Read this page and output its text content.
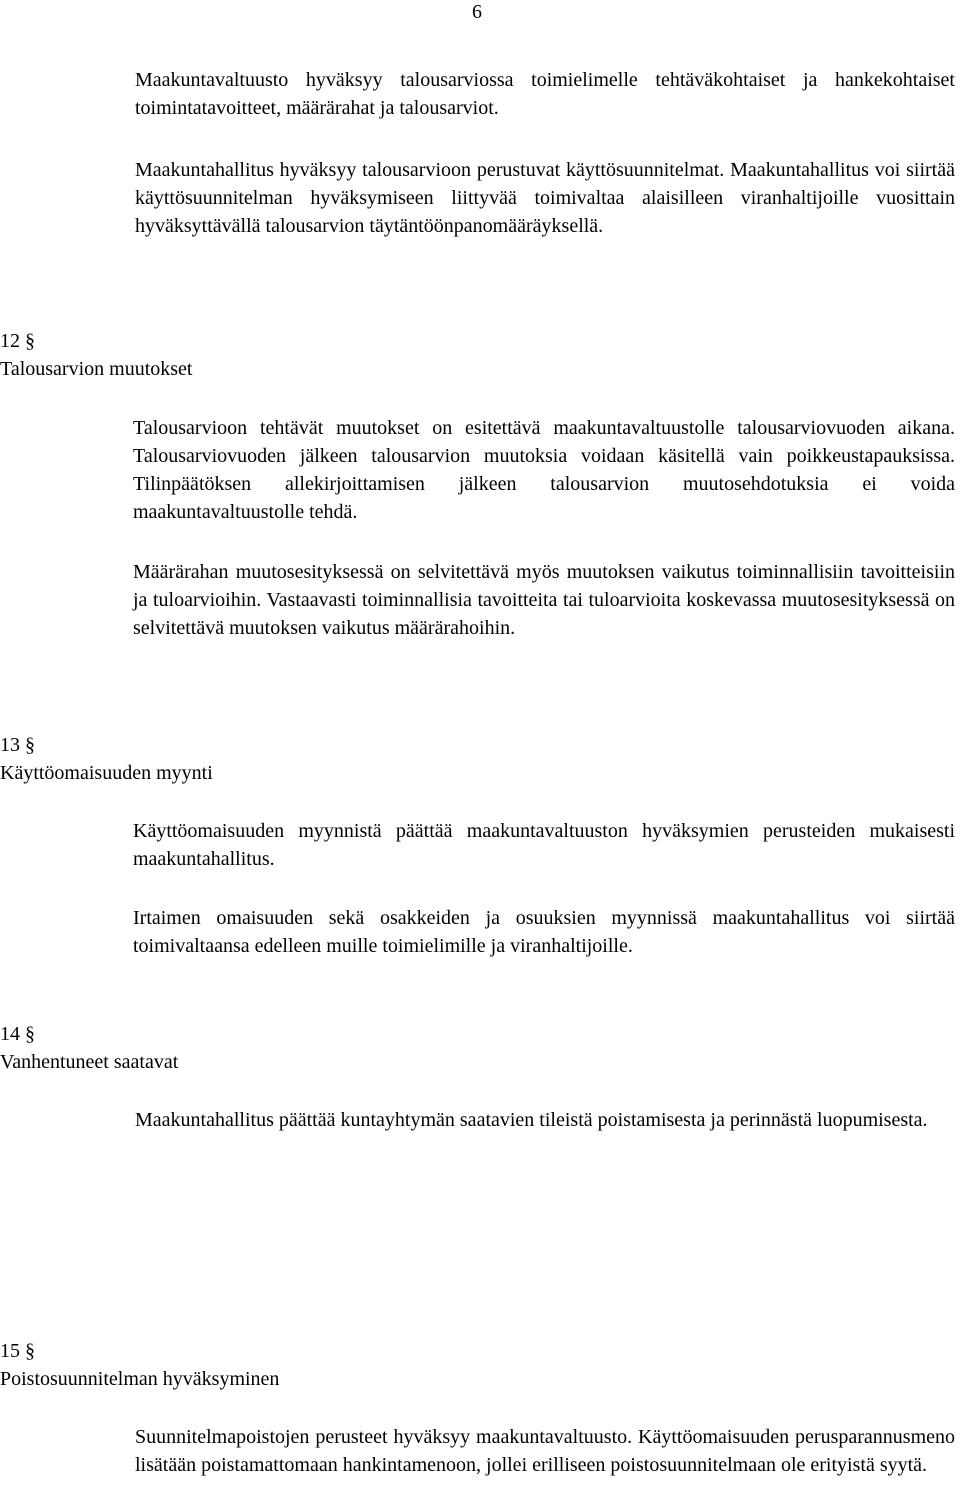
6

Maakuntavaltuusto hyväksyy talousarviossa toimielimelle tehtäväkohtaiset ja hankekohtaiset toimintatavoitteet, määrärahat ja talousarviot.

Maakuntahallitus hyväksyy talousarvioon perustuvat käyttösuunnitelmat. Maakuntahallitus voi siirtää käyttösuunnitelman hyväksymiseen liittyvää toimivaltaa alaisilleen viranhaltijoille vuosittain hyväksyttävällä talousarvion täytäntöönpanomääräyksellä.

12 §
Talousarvion muutokset

Talousarvioon tehtävät muutokset on esitettävä maakuntavaltuustolle talousarviovuoden aikana. Talousarviovuoden jälkeen talousarvion muutoksia voidaan käsitellä vain poikkeustapauksissa. Tilinpäätöksen allekirjoittamisen jälkeen talousarvion muutosehdotuksia ei voida maakuntavaltuustolle tehdä.

Määrärahan muutosesityksessä on selvitettävä myös muutoksen vaikutus toiminnallisiin tavoitteisiin ja tuloarvioihin. Vastaavasti toiminnallisia tavoitteita tai tuloarvioita koskevassa muutosesityksessä on selvitettävä muutoksen vaikutus määrärahoihin.

13 §
Käyttöomaisuuden myynti

Käyttöomaisuuden myynnistä päättää maakuntavaltuuston hyväksymien perusteiden mukaisesti maakuntahallitus.

Irtaimen omaisuuden sekä osakkeiden ja osuuksien myynnissä maakuntahallitus voi siirtää toimivaltaansa edelleen muille toimielimille ja viranhaltijoille.

14 §
Vanhentuneet saatavat

Maakuntahallitus päättää kuntayhtymän saatavien tileistä poistamisesta ja perinnästä luopumisesta.

15 §
Poistosuunnitelman hyväksyminen

Suunnitelmapoistojen perusteet hyväksyy maakuntavaltuusto. Käyttöomaisuuden perusparannusmeno lisätään poistamattomaan hankintamenoon, jollei erilliseen poistosuunnitelmaan ole erityistä syytä.
